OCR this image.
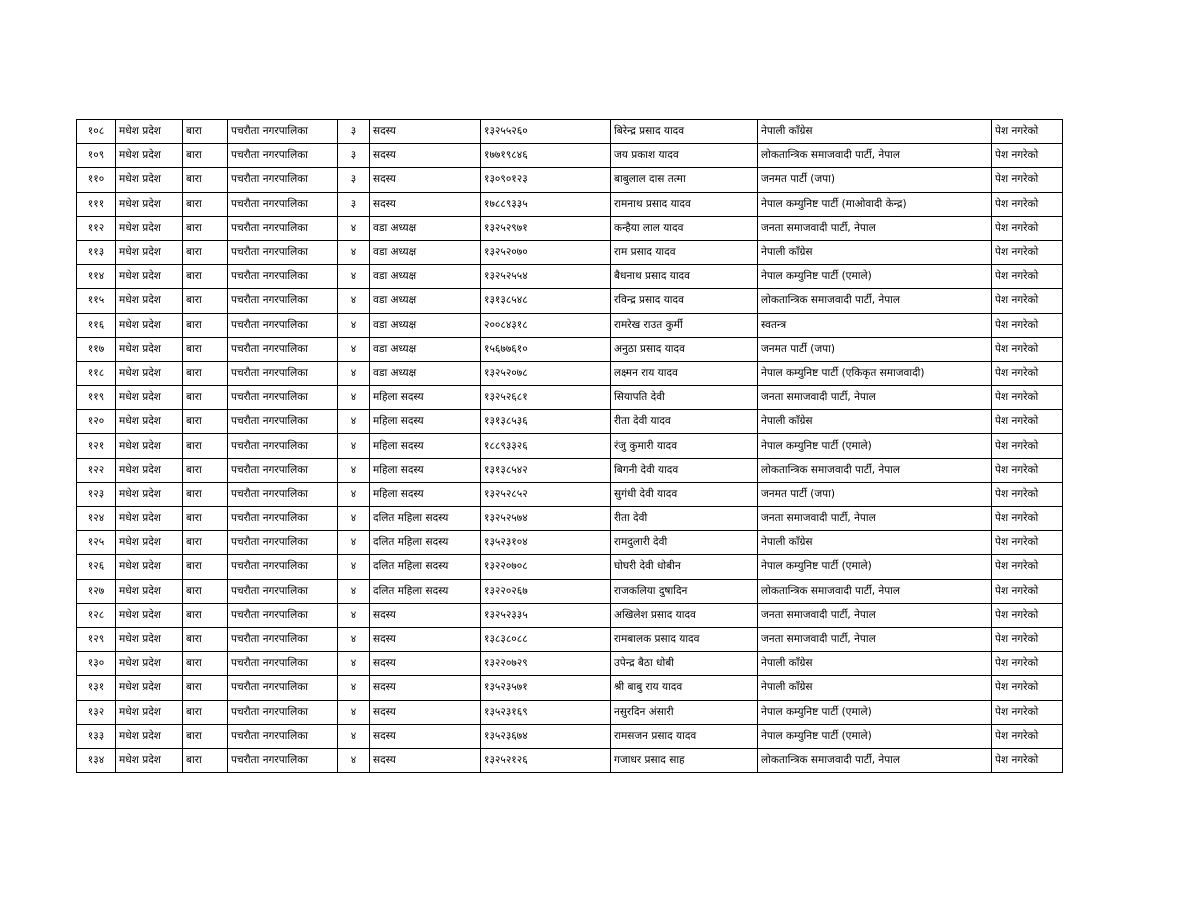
१०८	मधेश प्रदेश	बारा	पचरौता नगरपालिका	३	सदस्य	१३२५५२६०	बिरेन्द्र प्रसाद यादव	नेपाली काँग्रेस	पेश नगरेको
१०९	मधेश प्रदेश	बारा	पचरौता नगरपालिका	३	सदस्य	१७७१९८४६	जय प्रकाश यादव	लोकतान्त्रिक समाजवादी पार्टी, नेपाल	पेश नगरेको
११०	मधेश प्रदेश	बारा	पचरौता नगरपालिका	३	सदस्य	१३०९०१२३	बाबुलाल दास तत्मा	जनमत पार्टी (जपा)	पेश नगरेको
१११	मधेश प्रदेश	बारा	पचरौता नगरपालिका	३	सदस्य	१७८८९३३५	रामनाथ प्रसाद यादव	नेपाल कम्युनिष्ट पार्टी (माओवादी केन्द्र)	पेश नगरेको
११२	मधेश प्रदेश	बारा	पचरौता नगरपालिका	४	वडा अध्यक्ष	१३२५२९७१	कन्हैया लाल यादव	जनता समाजवादी पार्टी, नेपाल	पेश नगरेको
११३	मधेश प्रदेश	बारा	पचरौता नगरपालिका	४	वडा अध्यक्ष	१३२५२०७०	राम प्रसाद यादव	नेपाली काँग्रेस	पेश नगरेको
११४	मधेश प्रदेश	बारा	पचरौता नगरपालिका	४	वडा अध्यक्ष	१३२५२५५४	बैधनाथ प्रसाद यादव	नेपाल कम्युनिष्ट पार्टी (एमाले)	पेश नगरेको
११५	मधेश प्रदेश	बारा	पचरौता नगरपालिका	४	वडा अध्यक्ष	१३१३८५४८	रविन्द्र प्रसाद यादव	लोकतान्त्रिक समाजवादी पार्टी, नेपाल	पेश नगरेको
११६	मधेश प्रदेश	बारा	पचरौता नगरपालिका	४	वडा अध्यक्ष	२००८४३१८	रामरेख राउत कुर्मी	स्वतन्त्र	पेश नगरेको
११७	मधेश प्रदेश	बारा	पचरौता नगरपालिका	४	वडा अध्यक्ष	१५६७७६१०	अनुठा प्रसाद यादव	जनमत पार्टी (जपा)	पेश नगरेको
११८	मधेश प्रदेश	बारा	पचरौता नगरपालिका	४	वडा अध्यक्ष	१३२५२०७८	लक्ष्मन राय यादव	नेपाल कम्युनिष्ट पार्टी (एकिकृत समाजवादी)	पेश नगरेको
११९	मधेश प्रदेश	बारा	पचरौता नगरपालिका	४	महिला सदस्य	१३२५२६८१	सियापति देवी	जनता समाजवादी पार्टी, नेपाल	पेश नगरेको
१२०	मधेश प्रदेश	बारा	पचरौता नगरपालिका	४	महिला सदस्य	१३१३८५३६	रीता देवी यादव	नेपाली काँग्रेस	पेश नगरेको
१२१	मधेश प्रदेश	बारा	पचरौता नगरपालिका	४	महिला सदस्य	१८८९३३२६	रंजु कुमारी यादव	नेपाल कम्युनिष्ट पार्टी (एमाले)	पेश नगरेको
१२२	मधेश प्रदेश	बारा	पचरौता नगरपालिका	४	महिला सदस्य	१३१३८५४२	बिगनी देवी यादव	लोकतान्त्रिक समाजवादी पार्टी, नेपाल	पेश नगरेको
१२३	मधेश प्रदेश	बारा	पचरौता नगरपालिका	४	महिला सदस्य	१३२५२८५२	सुगंधी देवी यादव	जनमत पार्टी (जपा)	पेश नगरेको
१२४	मधेश प्रदेश	बारा	पचरौता नगरपालिका	४	दलित महिला सदस्य	१३२५२५७४	रीता देवी	जनता समाजवादी पार्टी, नेपाल	पेश नगरेको
१२५	मधेश प्रदेश	बारा	पचरौता नगरपालिका	४	दलित महिला सदस्य	१३५२३१०४	रामदुलारी देवी	नेपाली काँग्रेस	पेश नगरेको
१२६	मधेश प्रदेश	बारा	पचरौता नगरपालिका	४	दलित महिला सदस्य	१३२२०७०८	घोघरी देवी धोबीन	नेपाल कम्युनिष्ट पार्टी (एमाले)	पेश नगरेको
१२७	मधेश प्रदेश	बारा	पचरौता नगरपालिका	४	दलित महिला सदस्य	१३२२०२६७	राजकलिया दुषादिन	लोकतान्त्रिक समाजवादी पार्टी, नेपाल	पेश नगरेको
१२८	मधेश प्रदेश	बारा	पचरौता नगरपालिका	४	सदस्य	१३२५२३३५	अखिलेश प्रसाद यादव	जनता समाजवादी पार्टी, नेपाल	पेश नगरेको
१२९	मधेश प्रदेश	बारा	पचरौता नगरपालिका	४	सदस्य	१३८३८०८८	रामबालक प्रसाद यादव	जनता समाजवादी पार्टी, नेपाल	पेश नगरेको
१३०	मधेश प्रदेश	बारा	पचरौता नगरपालिका	४	सदस्य	१३२२०७२९	उपेन्द्र बैठा धोबी	नेपाली काँग्रेस	पेश नगरेको
१३१	मधेश प्रदेश	बारा	पचरौता नगरपालिका	४	सदस्य	१३५२३५७१	श्री बाबु राय यादव	नेपाली काँग्रेस	पेश नगरेको
१३२	मधेश प्रदेश	बारा	पचरौता नगरपालिका	४	सदस्य	१३५२३१६९	नसुरदिन अंसारी	नेपाल कम्युनिष्ट पार्टी (एमाले)	पेश नगरेको
१३३	मधेश प्रदेश	बारा	पचरौता नगरपालिका	४	सदस्य	१३५२३६७४	रामसजन प्रसाद यादव	नेपाल कम्युनिष्ट पार्टी (एमाले)	पेश नगरेको
१३४	मधेश प्रदेश	बारा	पचरौता नगरपालिका	४	सदस्य	१३२५२१२६	गजाधर प्रसाद साह	लोकतान्त्रिक समाजवादी पार्टी, नेपाल	पेश नगरेको
